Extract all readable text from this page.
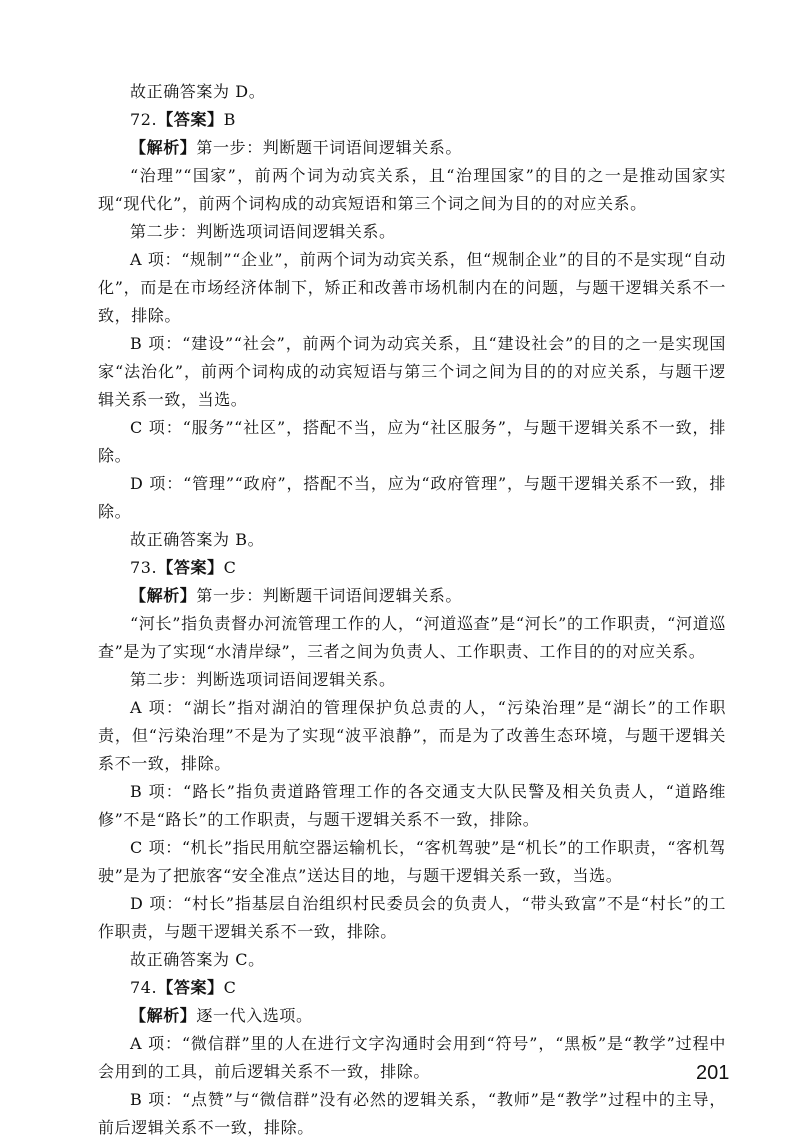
故正确答案为 D。

72.【答案】B

【解析】第一步：判断题干词语间逻辑关系。

“治理”“国家”，前两个词为动宾关系，且“治理国家”的目的之一是推动国家实现“现代化”，前两个词构成的动宾短语和第三个词之间为目的的对应关系。

第二步：判断选项词语间逻辑关系。

A 项：“规制”“企业”，前两个词为动宾关系，但“规制企业”的目的不是实现“自动化”，而是在市场经济体制下，矫正和改善市场机制内在的问题，与题干逻辑关系不一致，排除。

B 项：“建设”“社会”，前两个词为动宾关系，且“建设社会”的目的之一是实现国家“法治化”，前两个词构成的动宾短语与第三个词之间为目的的对应关系，与题干逻辑关系一致，当选。

C 项：“服务”“社区”，搭配不当，应为“社区服务”，与题干逻辑关系不一致，排除。

D 项：“管理”“政府”，搭配不当，应为“政府管理”，与题干逻辑关系不一致，排除。

故正确答案为 B。

73.【答案】C

【解析】第一步：判断题干词语间逻辑关系。

“河长”指负责督办河流管理工作的人，“河道巡查”是“河长”的工作职责，“河道巡查”是为了实现“水清岸绿”，三者之间为负责人、工作职责、工作目的的对应关系。

第二步：判断选项词语间逻辑关系。

A 项：“湖长”指对湖泊的管理保护负总责的人，“污染治理”是“湖长”的工作职责，但“污染治理”不是为了实现“波平浪静”，而是为了改善生态环境，与题干逻辑关系不一致，排除。

B 项：“路长”指负责道路管理工作的各交通支大队民警及相关负责人，“道路维修”不是“路长”的工作职责，与题干逻辑关系不一致，排除。

C 项：“机长”指民用航空器运输机长，“客机驾驶”是“机长”的工作职责，“客机驾驶”是为了把旅客“安全准点”送达目的地，与题干逻辑关系一致，当选。

D 项：“村长”指基层自治组织村民委员会的负责人，“带头致富”不是“村长”的工作职责，与题干逻辑关系不一致，排除。

故正确答案为 C。

74.【答案】C

【解析】逐一代入选项。

A 项：“微信群”里的人在进行文字沟通时会用到“符号”，“黑板”是“教学”过程中会用到的工具，前后逻辑关系不一致，排除。

B 项：“点赞”与“微信群”没有必然的逻辑关系，“教师”是“教学”过程中的主导，前后逻辑关系不一致，排除。

201
